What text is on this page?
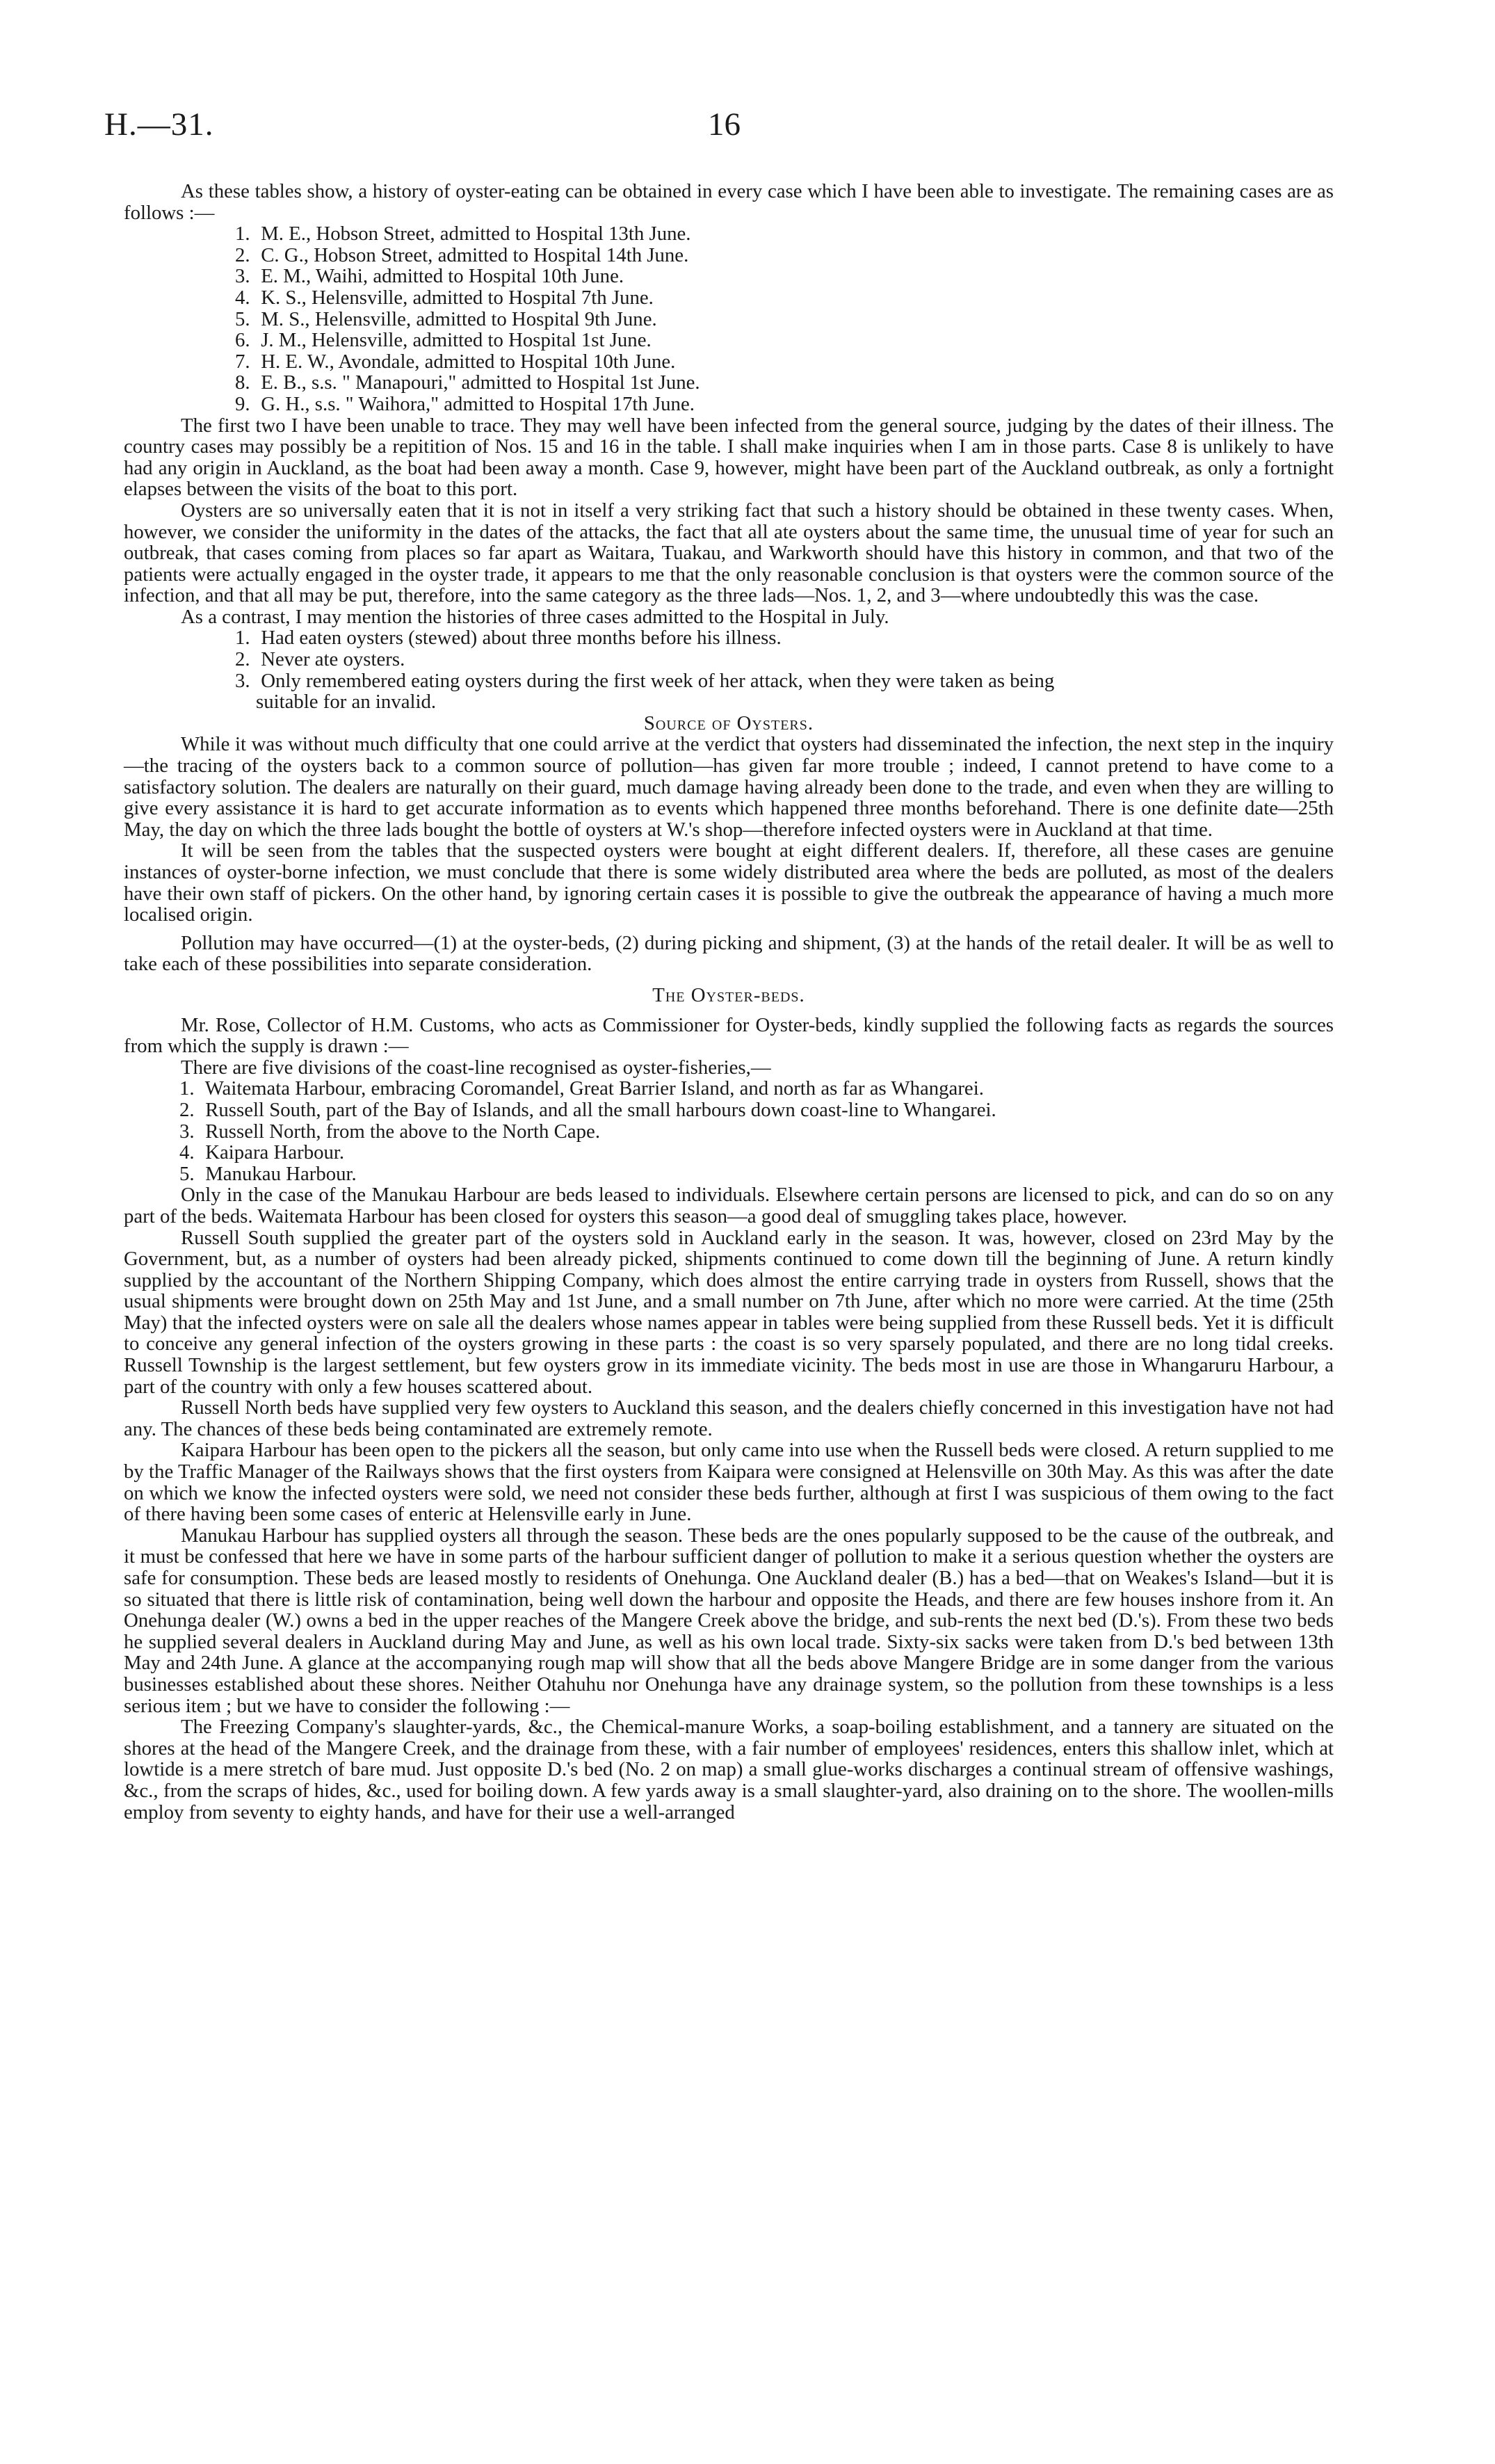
H.—31.	16

As these tables show, a history of oyster-eating can be obtained in every case which I have been able to investigate. The remaining cases are as follows :—

1. M. E., Hobson Street, admitted to Hospital 13th June.
2. C. G., Hobson Street, admitted to Hospital 14th June.
3. E. M., Waihi, admitted to Hospital 10th June.
4. K. S., Helensville, admitted to Hospital 7th June.
5. M. S., Helensville, admitted to Hospital 9th June.
6. J. M., Helensville, admitted to Hospital 1st June.
7. H. E. W., Avondale, admitted to Hospital 10th June.
8. E. B., s.s. " Manapouri," admitted to Hospital 1st June.
9. G. H., s.s. " Waihora," admitted to Hospital 17th June.

The first two I have been unable to trace. They may well have been infected from the general source, judging by the dates of their illness. The country cases may possibly be a repitition of Nos. 15 and 16 in the table. I shall make inquiries when I am in those parts. Case 8 is unlikely to have had any origin in Auckland, as the boat had been away a month. Case 9, however, might have been part of the Auckland outbreak, as only a fortnight elapses between the visits of the boat to this port.

Oysters are so universally eaten that it is not in itself a very striking fact that such a history should be obtained in these twenty cases. When, however, we consider the uniformity in the dates of the attacks, the fact that all ate oysters about the same time, the unusual time of year for such an outbreak, that cases coming from places so far apart as Waitara, Tuakau, and Warkworth should have this history in common, and that two of the patients were actually engaged in the oyster trade, it appears to me that the only reasonable conclusion is that oysters were the common source of the infection, and that all may be put, therefore, into the same category as the three lads—Nos. 1, 2, and 3—where undoubtedly this was the case.

As a contrast, I may mention the histories of three cases admitted to the Hospital in July.

1. Had eaten oysters (stewed) about three months before his illness.
2. Never ate oysters.
3. Only remembered eating oysters during the first week of her attack, when they were taken as being
suitable for an invalid.
Source of Oysters.

While it was without much difficulty that one could arrive at the verdict that oysters had disseminated the infection, the next step in the inquiry—the tracing of the oysters back to a common source of pollution—has given far more trouble ; indeed, I cannot pretend to have come to a satisfactory solution. The dealers are naturally on their guard, much damage having already been done to the trade, and even when they are willing to give every assistance it is hard to get accurate information as to events which happened three months beforehand. There is one definite date—25th May, the day on which the three lads bought the bottle of oysters at W.'s shop—therefore infected oysters were in Auckland at that time.

It will be seen from the tables that the suspected oysters were bought at eight different dealers. If, therefore, all these cases are genuine instances of oyster-borne infection, we must conclude that there is some widely distributed area where the beds are polluted, as most of the dealers have their own staff of pickers. On the other hand, by ignoring certain cases it is possible to give the outbreak the appearance of having a much more localised origin.

Pollution may have occurred—(1) at the oyster-beds, (2) during picking and shipment, (3) at the hands of the retail dealer. It will be as well to take each of these possibilities into separate consideration.

The Oyster-beds.

Mr. Rose, Collector of H.M. Customs, who acts as Commissioner for Oyster-beds, kindly supplied the following facts as regards the sources from which the supply is drawn :—

There are five divisions of the coast-line recognised as oyster-fisheries,—

1. Waitemata Harbour, embracing Coromandel, Great Barrier Island, and north as far as Whangarei.
2. Russell South, part of the Bay of Islands, and all the small harbours down coast-line to Whangarei.
3. Russell North, from the above to the North Cape.
4. Kaipara Harbour.
5. Manukau Harbour.

Only in the case of the Manukau Harbour are beds leased to individuals. Elsewhere certain persons are licensed to pick, and can do so on any part of the beds. Waitemata Harbour has been closed for oysters this season—a good deal of smuggling takes place, however.

Russell South supplied the greater part of the oysters sold in Auckland early in the season. It was, however, closed on 23rd May by the Government, but, as a number of oysters had been already picked, shipments continued to come down till the beginning of June. A return kindly supplied by the accountant of the Northern Shipping Company, which does almost the entire carrying trade in oysters from Russell, shows that the usual shipments were brought down on 25th May and 1st June, and a small number on 7th June, after which no more were carried. At the time (25th May) that the infected oysters were on sale all the dealers whose names appear in tables were being supplied from these Russell beds. Yet it is difficult to conceive any general infection of the oysters growing in these parts : the coast is so very sparsely populated, and there are no long tidal creeks. Russell Township is the largest settlement, but few oysters grow in its immediate vicinity. The beds most in use are those in Whangaruru Harbour, a part of the country with only a few houses scattered about.

Russell North beds have supplied very few oysters to Auckland this season, and the dealers chiefly concerned in this investigation have not had any. The chances of these beds being contaminated are extremely remote.

Kaipara Harbour has been open to the pickers all the season, but only came into use when the Russell beds were closed. A return supplied to me by the Traffic Manager of the Railways shows that the first oysters from Kaipara were consigned at Helensville on 30th May. As this was after the date on which we know the infected oysters were sold, we need not consider these beds further, although at first I was suspicious of them owing to the fact of there having been some cases of enteric at Helensville early in June.

Manukau Harbour has supplied oysters all through the season. These beds are the ones popularly supposed to be the cause of the outbreak, and it must be confessed that here we have in some parts of the harbour sufficient danger of pollution to make it a serious question whether the oysters are safe for consumption. These beds are leased mostly to residents of Onehunga. One Auckland dealer (B.) has a bed—that on Weakes's Island—but it is so situated that there is little risk of contamination, being well down the harbour and opposite the Heads, and there are few houses inshore from it. An Onehunga dealer (W.) owns a bed in the upper reaches of the Mangere Creek above the bridge, and sub-rents the next bed (D.'s). From these two beds he supplied several dealers in Auckland during May and June, as well as his own local trade. Sixty-six sacks were taken from D.'s bed between 13th May and 24th June. A glance at the accompanying rough map will show that all the beds above Mangere Bridge are in some danger from the various businesses established about these shores. Neither Otahuhu nor Onehunga have any drainage system, so the pollution from these townships is a less serious item ; but we have to consider the following :—

The Freezing Company's slaughter-yards, &c., the Chemical-manure Works, a soap-boiling establishment, and a tannery are situated on the shores at the head of the Mangere Creek, and the drainage from these, with a fair number of employees' residences, enters this shallow inlet, which at lowtide is a mere stretch of bare mud. Just opposite D.'s bed (No. 2 on map) a small glue-works discharges a continual stream of offensive washings, &c., from the scraps of hides, &c., used for boiling down. A few yards away is a small slaughter-yard, also draining on to the shore. The woollen-mills employ from seventy to eighty hands, and have for their use a well-arranged
